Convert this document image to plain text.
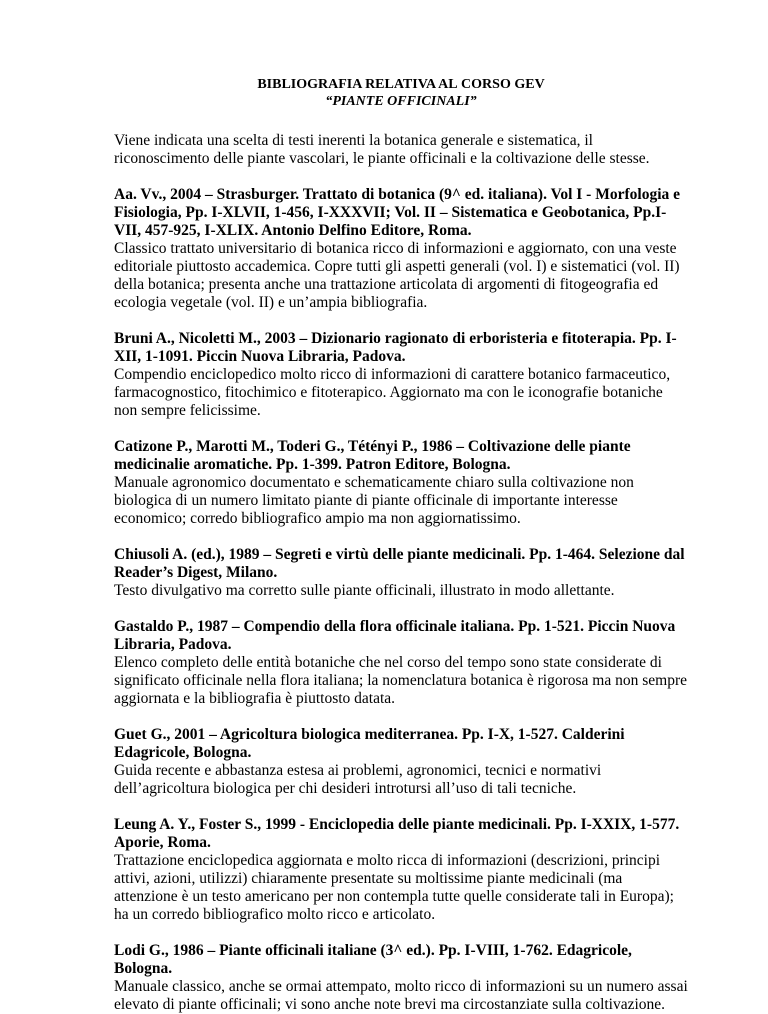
BIBLIOGRAFIA RELATIVA AL CORSO GEV
“PIANTE OFFICINALI”

Viene indicata una scelta di testi inerenti la botanica generale e sistematica, il riconoscimento delle piante vascolari, le piante officinali e la coltivazione delle stesse.

Aa. Vv., 2004 – Strasburger. Trattato di botanica (9^ ed. italiana). Vol I - Morfologia e Fisiologia, Pp. I-XLVII, 1-456, I-XXXVII; Vol. II – Sistematica e Geobotanica, Pp.I-VII, 457-925, I-XLIX. Antonio Delfino Editore, Roma.

Classico trattato universitario di botanica ricco di informazioni e aggiornato, con una veste editoriale piuttosto accademica. Copre tutti gli aspetti generali (vol. I) e sistematici (vol. II) della botanica; presenta anche una trattazione articolata di argomenti di fitogeografia ed ecologia vegetale (vol. II) e un’ampia bibliografia.

Bruni A., Nicoletti M., 2003 – Dizionario ragionato di erboristeria e fitoterapia. Pp. I-XII, 1-1091. Piccin Nuova Libraria, Padova.

Compendio enciclopedico molto ricco di informazioni di carattere botanico farmaceutico, farmacognostico, fitochimico e fitoterapico. Aggiornato ma con le iconografie botaniche non sempre felicissime.

Catizone P., Marotti M., Toderi G., Tétényi P., 1986 – Coltivazione delle piante medicinalie aromatiche. Pp. 1-399. Patron Editore, Bologna.

Manuale agronomico documentato e schematicamente chiaro sulla coltivazione non biologica di un numero limitato piante di piante officinale di importante interesse economico; corredo bibliografico ampio ma non aggiornatissimo.

Chiusoli A. (ed.), 1989 – Segreti e virtù delle piante medicinali. Pp. 1-464. Selezione dal Reader’s Digest, Milano.

Testo divulgativo ma corretto sulle piante officinali, illustrato in modo allettante.

Gastaldo P., 1987 – Compendio della flora officinale italiana. Pp. 1-521. Piccin Nuova Libraria, Padova.

Elenco completo delle entità botaniche che nel corso del tempo sono state considerate di significato officinale nella flora italiana; la nomenclatura botanica è rigorosa ma non sempre aggiornata e la bibliografia è piuttosto datata.

Guet G., 2001 – Agricoltura biologica mediterranea. Pp. I-X, 1-527. Calderini Edagricole, Bologna.

Guida recente e abbastanza estesa ai problemi, agronomici, tecnici e normativi dell’agricoltura biologica per chi desideri introtursi all’uso di tali tecniche.

Leung A. Y., Foster S., 1999 - Enciclopedia delle piante medicinali. Pp. I-XXIX, 1-577. Aporie, Roma.

Trattazione enciclopedica aggiornata e molto ricca di informazioni (descrizioni, principi attivi, azioni, utilizzi) chiaramente presentate su moltissime piante medicinali (ma attenzione è un testo americano per non contempla tutte quelle considerate tali in Europa); ha un corredo bibliografico molto ricco e articolato.

Lodi G., 1986 – Piante officinali italiane (3^ ed.). Pp. I-VIII, 1-762. Edagricole, Bologna.

Manuale classico, anche se ormai attempato, molto ricco di informazioni su un numero assai elevato di piante officinali; vi sono anche note brevi ma circostanziate sulla coltivazione.
